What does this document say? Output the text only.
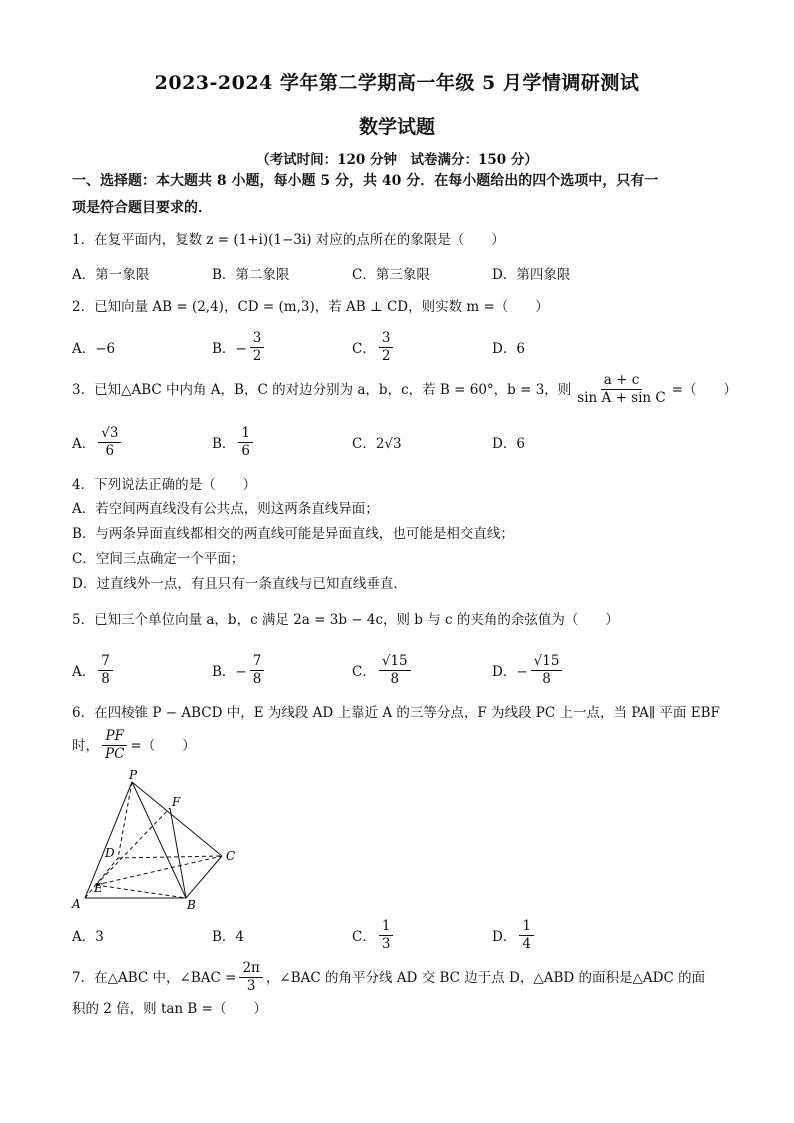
2023-2024 学年第二学期高一年级 5 月学情调研测试
数学试题
（考试时间：120 分钟　试卷满分：150 分）
一、选择题：本大题共 8 小题，每小题 5 分，共 40 分．在每小题给出的四个选项中，只有一
项是符合题目要求的．
1．在复平面内，复数 z = (1+i)(1−3i) 对应的点所在的象限是（　　）
A．第一象限	B．第二象限	C．第三象限	D．第四象限
2．已知向量 AB = (2,4)，CD = (m,3)，若 AB ⊥ CD，则实数 m =（　　）
A．−6	B．− $\frac{3}{2}$	C． $\frac{3}{2}$	D．6
3．已知△ABC 中内角 A，B，C 的对边分别为 a，b，c，若 B = 60°，b = 3，则 $\frac{a + c}{\text{sin A + sin C}}$ =（　　）
A． $\frac{√3}{6}$	B． $\frac{1}{6}$	C．2√3	D．6
4．下列说法正确的是（　　）
A．若空间两直线没有公共点，则这两条直线异面；
B．与两条异面直线都相交的两直线可能是异面直线，也可能是相交直线；
C．空间三点确定一个平面；
D．过直线外一点，有且只有一条直线与已知直线垂直．
5．已知三个单位向量 a，b，c 满足 2a = 3b − 4c，则 b 与 c 的夹角的余弦值为（　　）
A． $\frac{7}{8}$	B．− $\frac{7}{8}$	C． $\frac{√15}{8}$	D．− $\frac{√15}{8}$
6．在四棱锥 P − ABCD 中，E 为线段 AD 上靠近 A 的三等分点，F 为线段 PC 上一点，当 PA∥ 平面 EBF
时， $\frac{PF}{PC}$ =（　　）
P
F
D	C
E
A	B
A．3	B．4	C． $\frac{1}{3}$	D． $\frac{1}{4}$
7．在△ABC 中，∠BAC = $\frac{2\pi}{3}$ ，∠BAC 的角平分线 AD 交 BC 边于点 D，△ABD 的面积是△ADC 的面
积的 2 倍，则 tan B =（　　）
